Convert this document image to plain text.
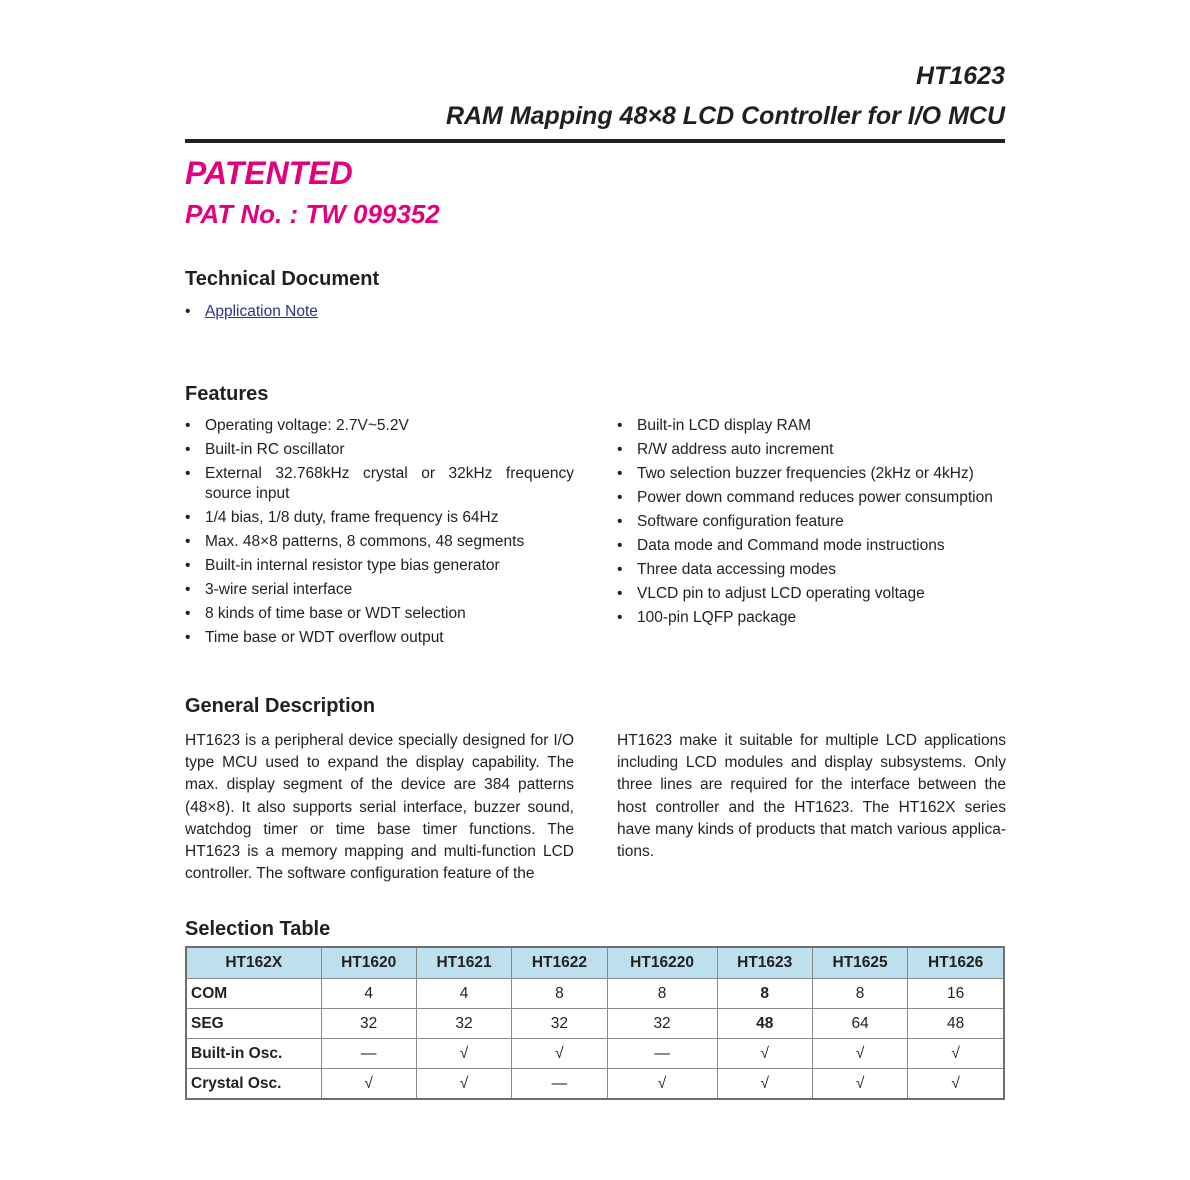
HT1623
RAM Mapping 48×8 LCD Controller for I/O MCU
PATENTED
PAT No. : TW 099352
Technical Document
• Application Note
Features
• Operating voltage: 2.7V~5.2V
• Built-in RC oscillator
• External 32.768kHz crystal or 32kHz frequency source input
• 1/4 bias, 1/8 duty, frame frequency is 64Hz
• Max. 48×8 patterns, 8 commons, 48 segments
• Built-in internal resistor type bias generator
• 3-wire serial interface
• 8 kinds of time base or WDT selection
• Time base or WDT overflow output
• Built-in LCD display RAM
• R/W address auto increment
• Two selection buzzer frequencies (2kHz or 4kHz)
• Power down command reduces power consumption
• Software configuration feature
• Data mode and Command mode instructions
• Three data accessing modes
• VLCD pin to adjust LCD operating voltage
• 100-pin LQFP package
General Description
HT1623 is a peripheral device specially designed for I/O type MCU used to expand the display capability. The max. display segment of the device are 384 patterns (48×8). It also supports serial interface, buzzer sound, watchdog timer or time base timer functions. The HT1623 is a memory mapping and multi-function LCD controller. The software configuration feature of the
HT1623 make it suitable for multiple LCD applications including LCD modules and display subsystems. Only three lines are required for the interface between the host controller and the HT1623. The HT162X series have many kinds of products that match various applica-tions.
Selection Table
HT162X	HT1620	HT1621	HT1622	HT16220	HT1623	HT1625	HT1626
COM	4	4	8	8	8	8	16
SEG	32	32	32	32	48	64	48
Built-in Osc.	—	√	√	—	√	√	√
Crystal Osc.	√	√	—	√	√	√	√
